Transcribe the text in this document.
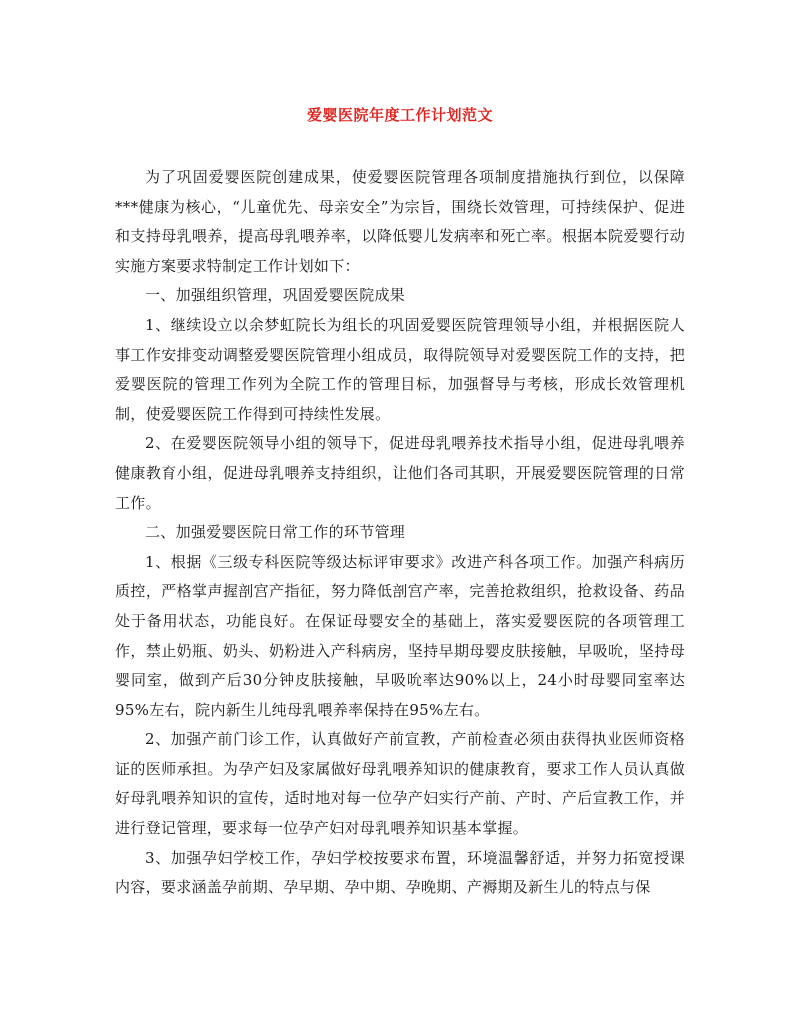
爱婴医院年度工作计划范文

为了巩固爱婴医院创建成果，使爱婴医院管理各项制度措施执行到位，以保障***健康为核心，“儿童优先、母亲安全”为宗旨，围绕长效管理，可持续保护、促进和支持母乳喂养，提高母乳喂养率，以降低婴儿发病率和死亡率。根据本院爱婴行动实施方案要求特制定工作计划如下：

一、加强组织管理，巩固爱婴医院成果

1、继续设立以余梦虹院长为组长的巩固爱婴医院管理领导小组，并根据医院人事工作安排变动调整爱婴医院管理小组成员，取得院领导对爱婴医院工作的支持，把爱婴医院的管理工作列为全院工作的管理目标，加强督导与考核，形成长效管理机制，使爱婴医院工作得到可持续性发展。

2、在爱婴医院领导小组的领导下，促进母乳喂养技术指导小组，促进母乳喂养健康教育小组，促进母乳喂养支持组织，让他们各司其职，开展爱婴医院管理的日常工作。

二、加强爱婴医院日常工作的环节管理

1、根据《三级专科医院等级达标评审要求》改进产科各项工作。加强产科病历质控，严格掌声握剖宫产指征，努力降低剖宫产率，完善抢救组织，抢救设备、药品处于备用状态，功能良好。在保证母婴安全的基础上，落实爱婴医院的各项管理工作，禁止奶瓶、奶头、奶粉进入产科病房，坚持早期母婴皮肤接触，早吸吮，坚持母婴同室，做到产后30分钟皮肤接触，早吸吮率达90%以上，24小时母婴同室率达95%左右，院内新生儿纯母乳喂养率保持在95%左右。

2、加强产前门诊工作，认真做好产前宣教，产前检查必须由获得执业医师资格证的医师承担。为孕产妇及家属做好母乳喂养知识的健康教育，要求工作人员认真做好母乳喂养知识的宣传，适时地对每一位孕产妇实行产前、产时、产后宣教工作，并进行登记管理，要求每一位孕产妇对母乳喂养知识基本掌握。

3、加强孕妇学校工作，孕妇学校按要求布置，环境温馨舒适，并努力拓宽授课内容，要求涵盖孕前期、孕早期、孕中期、孕晚期、产褥期及新生儿的特点与保
